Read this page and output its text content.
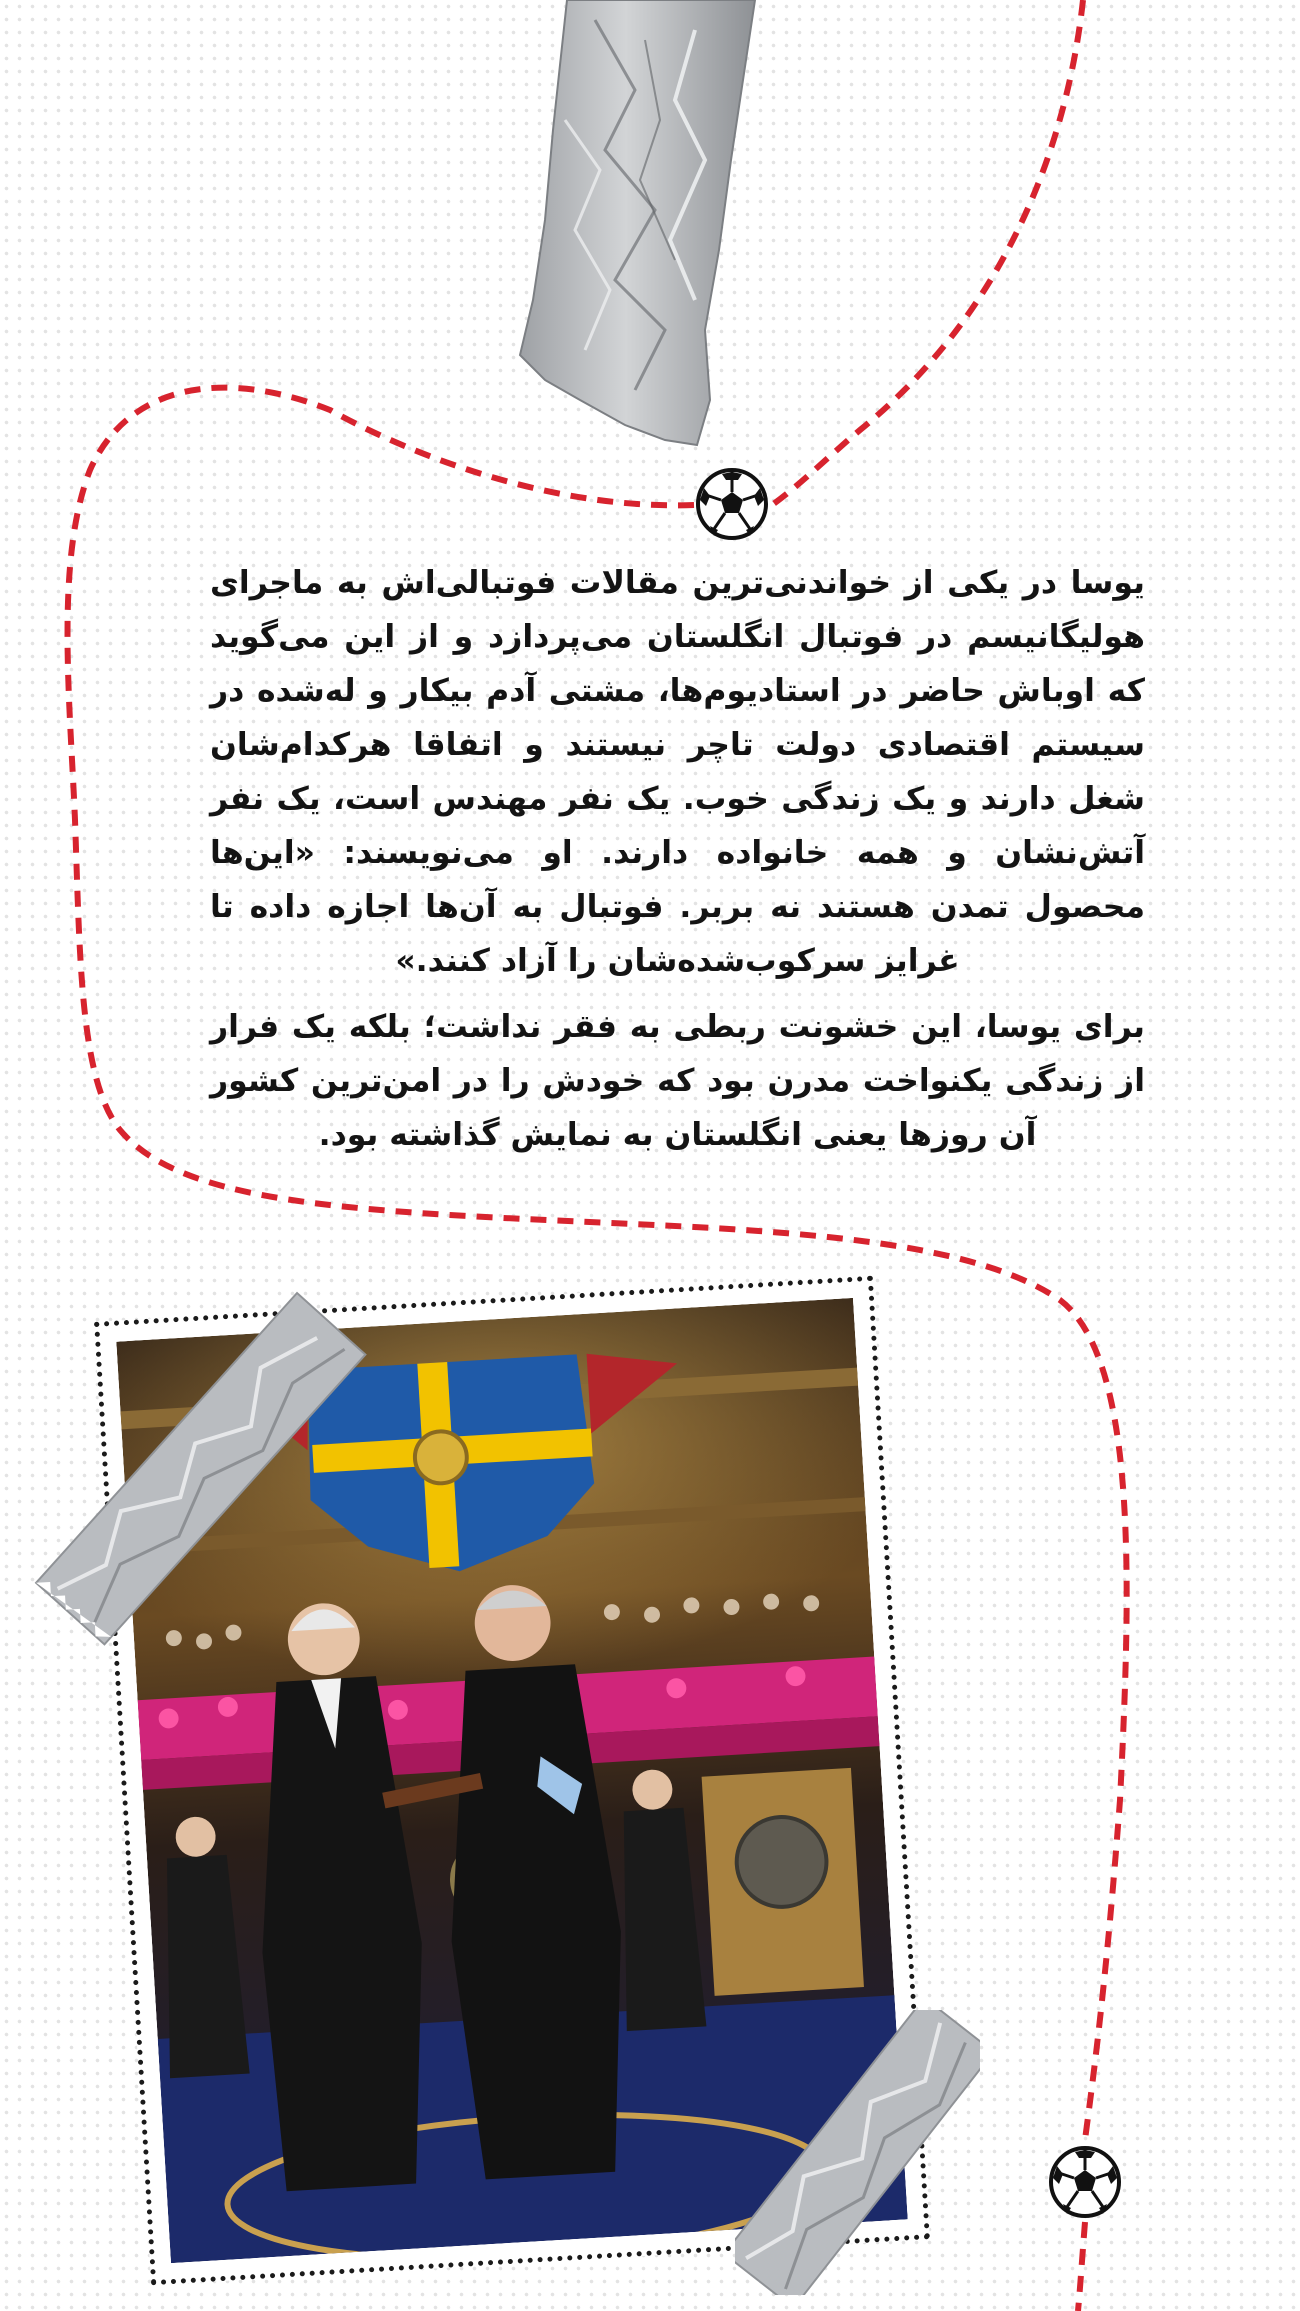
یوسا در یکی از خواندنی‌ترین مقالات فوتبالی‌اش به ماجرای هولیگانیسم در فوتبال انگلستان می‌پردازد و از این می‌گوید که اوباش حاضر در استادیوم‌ها، مشتی آدم بیکار و له‌شده در سیستم اقتصادی دولت تاچر نیستند و اتفاقا هرکدام‌شان شغل دارند و یک زندگی خوب. یک نفر مهندس است، یک نفر آتش‌نشان و همه خانواده دارند. او می‌نویسند: «این‌ها محصول تمدن هستند نه بربر. فوتبال به آن‌ها اجازه داده تا غرایز سرکوب‌شده‌شان را آزاد کنند.»

برای یوسا، این خشونت ربطی به فقر نداشت؛ بلکه یک فرار از زندگی یکنواخت مدرن بود که خودش را در امن‌ترین کشور آن روزها یعنی انگلستان به نمایش گذاشته بود.
